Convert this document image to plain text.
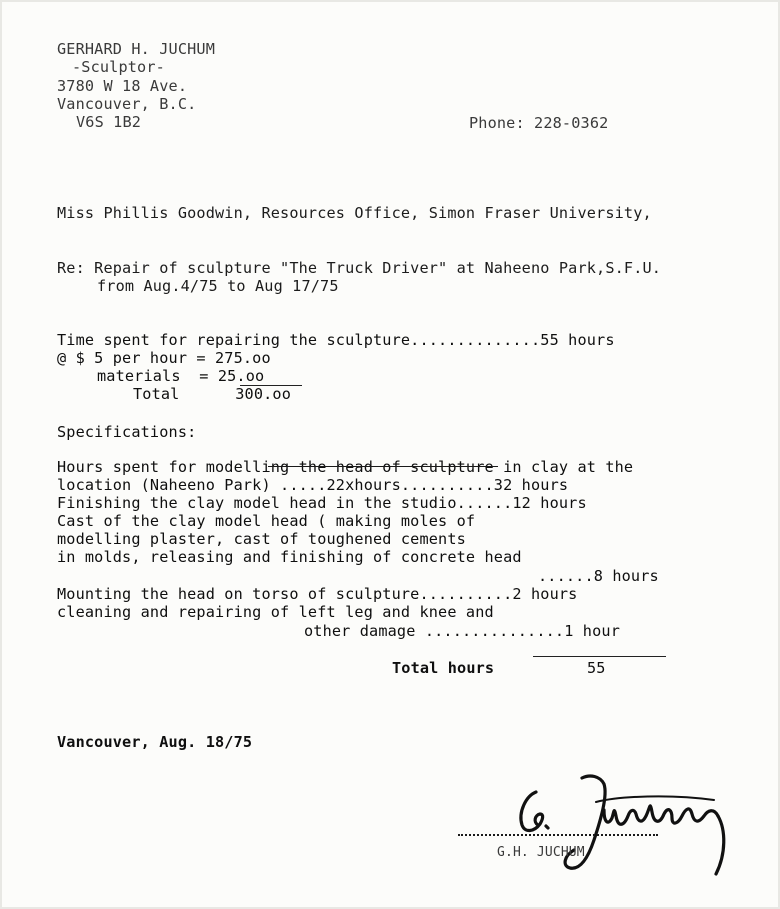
GERHARD H. JUCHUM
-Sculptor-
3780 W 18 Ave.
Vancouver, B.C.
V6S 1B2	Phone: 228-0362
Miss Phillis Goodwin, Resources Office, Simon Fraser University,
Re: Repair of sculpture "The Truck Driver" at Naheeno Park,S.F.U.
from Aug.4/75 to Aug 17/75
Time spent for repairing the sculpture..............55 hours
@ $ 5 per hour = 275.oo
materials  = 25.oo
Total      300.oo
Specifications:
Hours spent for modelling the head of sculpture in clay at the
location (Naheeno Park) .....22xhours..........32 hours
Finishing the clay model head in the studio......12 hours
Cast of the clay model head ( making moles of
modelling plaster, cast of toughened cements
in molds, releasing and finishing of concrete head
......8 hours
Mounting the head on torso of sculpture..........2 hours
cleaning and repairing of left leg and knee and
other damage ...............1 hour
Total hours	55
Vancouver, Aug. 18/75
G.H. JUCHUM
